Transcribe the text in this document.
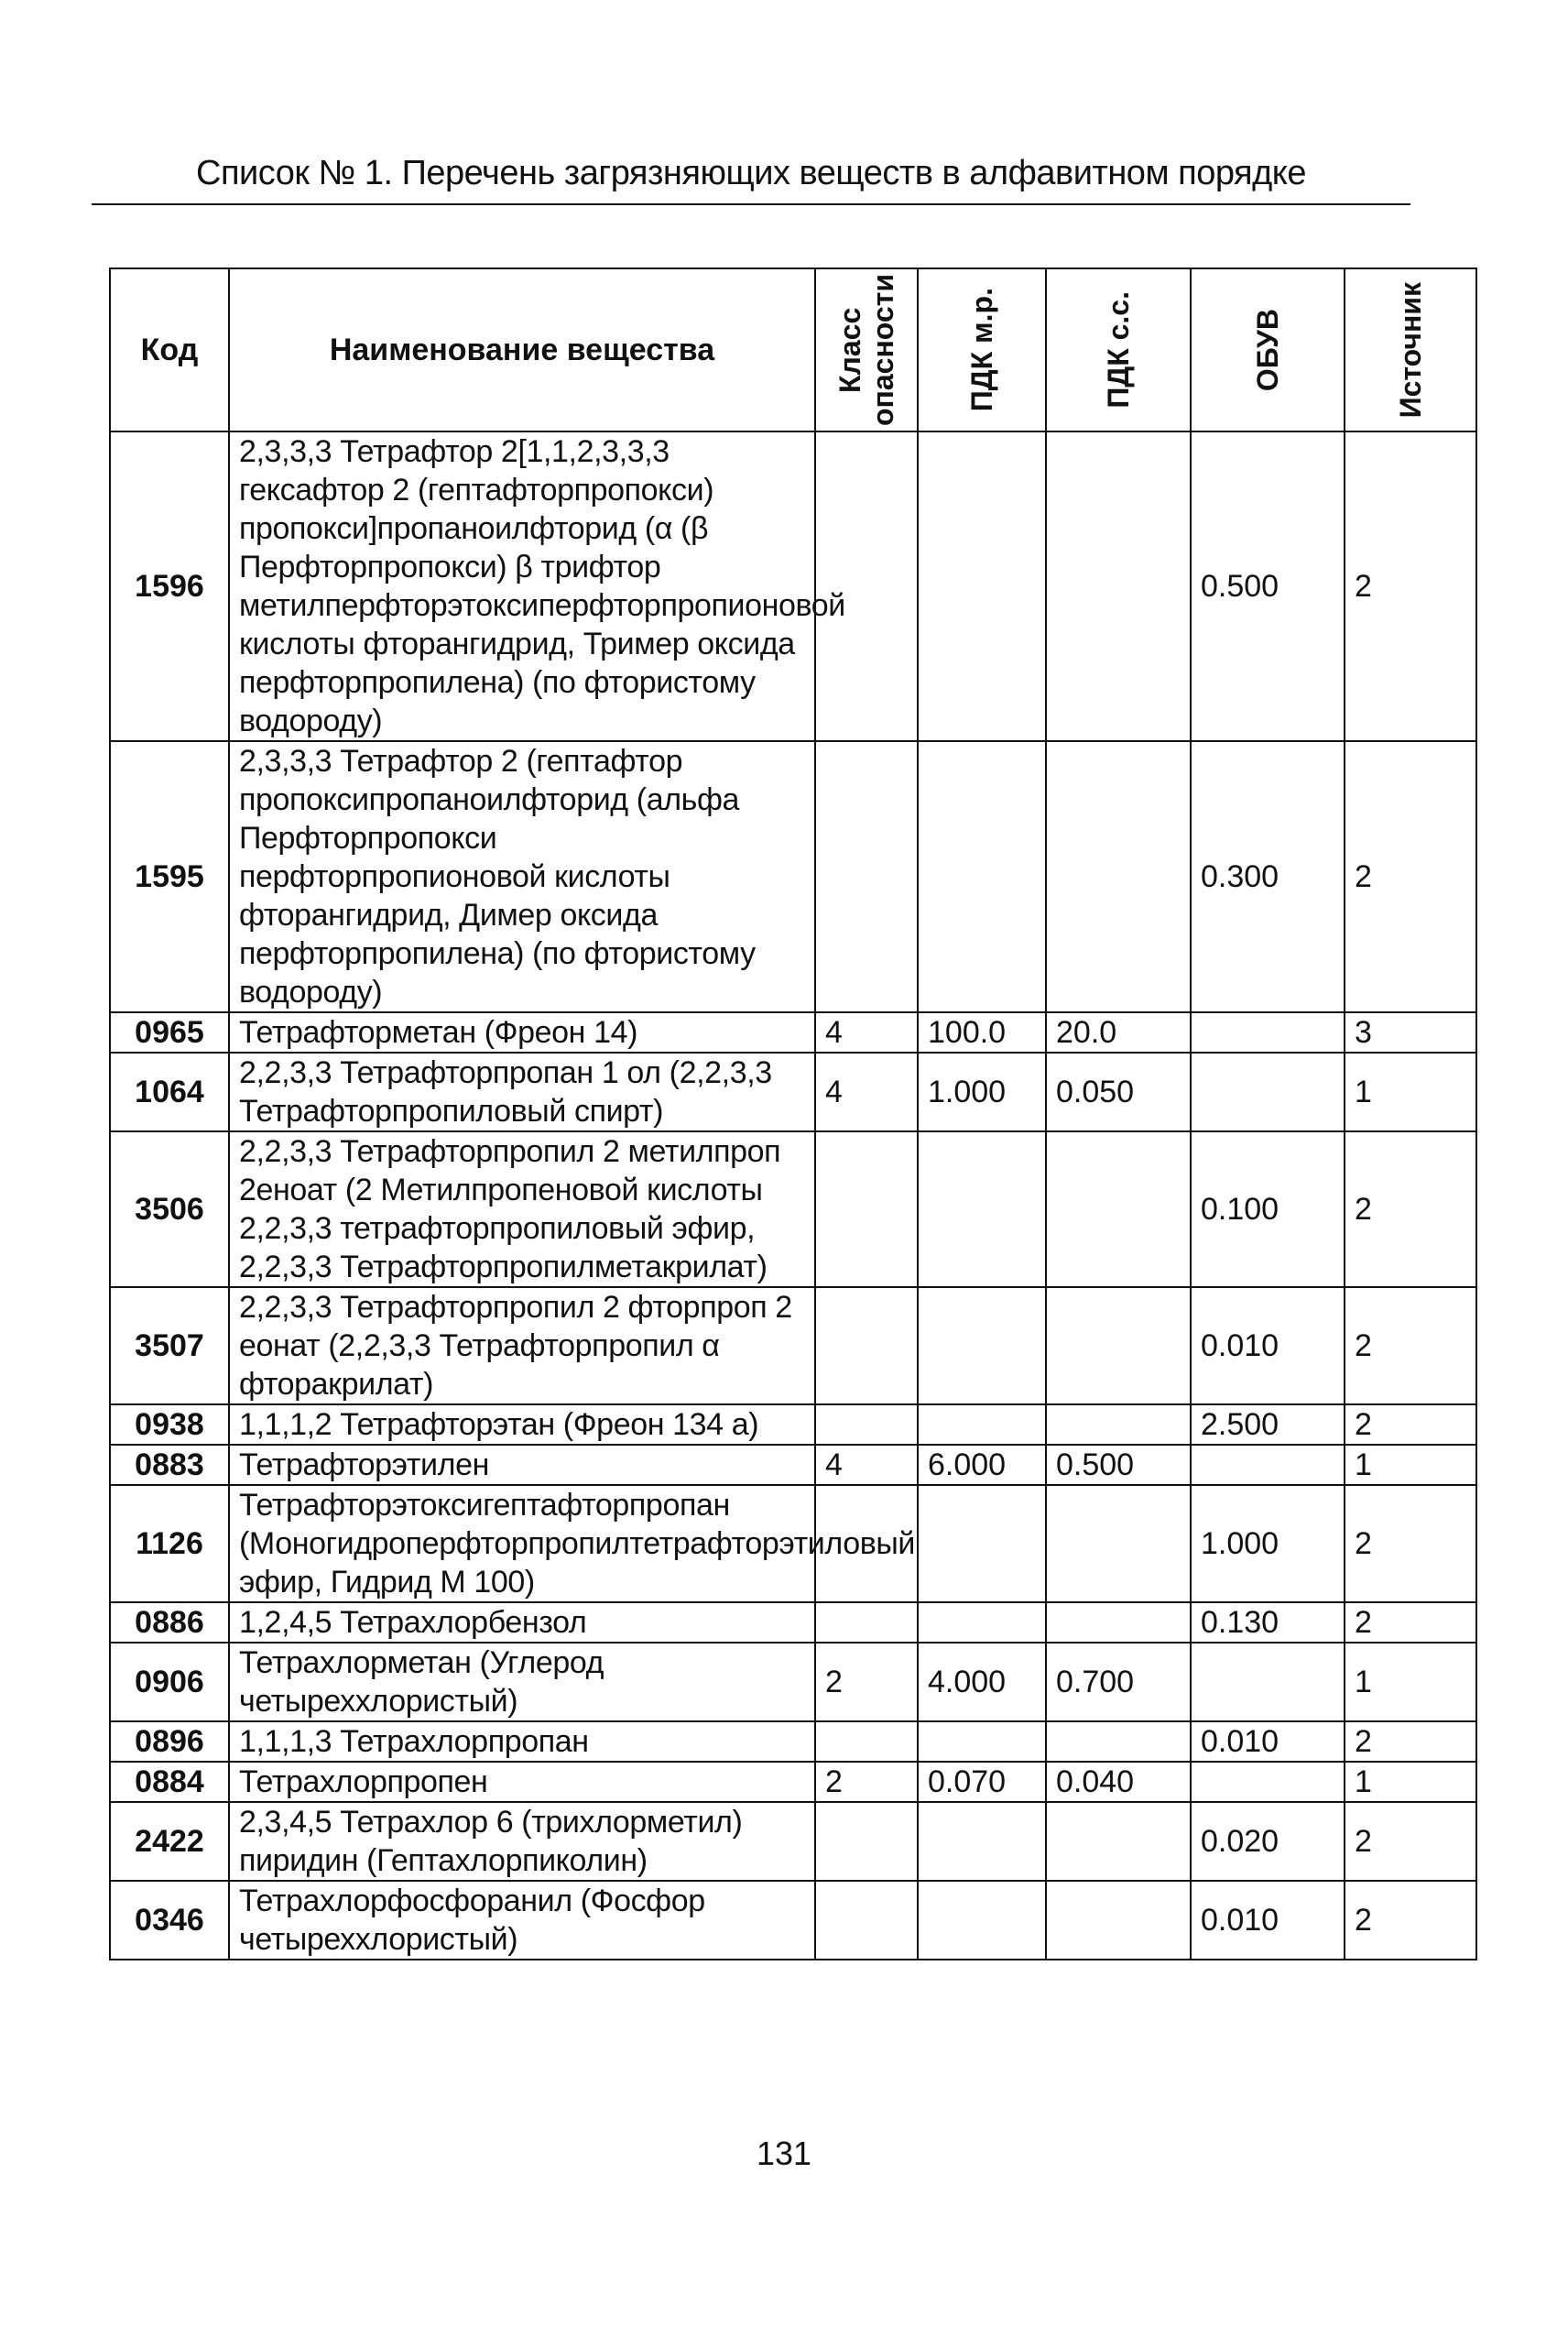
Список № 1. Перечень загрязняющих веществ в алфавитном порядке
Код	Наименование вещества	Класс опасности	ПДК м.р.	ПДК с.с.	ОБУВ	Источник

1596	2,3,3,3 Тетрафтор 2[1,1,2,3,3,3 гексафтор 2 (гептафторпропокси) пропокси]пропаноилфторид (α (β Перфторпропокси) β трифтор метилперфторэтоксиперфторпропионовой кислоты фторангидрид, Тример оксида перфторпропилена) (по фтористому водороду)				0.500	2
1595	2,3,3,3 Тетрафтор 2 (гептафтор пропоксипропаноилфторид (альфа Перфторпропокси перфторпропионовой кислоты фторангидрид, Димер оксида перфторпропилена) (по фтористому водороду)				0.300	2
0965	Тетрафторметан (Фреон 14)	4	100.0	20.0		3
1064	2,2,3,3 Тетрафторпропан 1 ол (2,2,3,3 Тетрафторпропиловый спирт)	4	1.000	0.050		1
3506	2,2,3,3 Тетрафторпропил 2 метилпроп 2еноат (2 Метилпропеновой кислоты 2,2,3,3 тетрафторпропиловый эфир, 2,2,3,3 Тетрафторпропилметакрилат)				0.100	2
3507	2,2,3,3 Тетрафторпропил 2 фторпроп 2 еонат (2,2,3,3 Тетрафторпропил α фторакрилат)				0.010	2
0938	1,1,1,2 Тетрафторэтан (Фреон 134 а)				2.500	2
0883	Тетрафторэтилен	4	6.000	0.500		1
1126	Тетрафторэтоксигептафторпропан (Моногидроперфторпропилтетрафторэтиловый эфир, Гидрид М 100)				1.000	2
0886	1,2,4,5 Тетрахлорбензол				0.130	2
0906	Тетрахлорметан (Углерод четыреххлористый)	2	4.000	0.700		1
0896	1,1,1,3 Тетрахлорпропан				0.010	2
0884	Тетрахлорпропен	2	0.070	0.040		1
2422	2,3,4,5 Тетрахлор 6 (трихлорметил) пиридин (Гептахлорпиколин)				0.020	2
0346	Тетрахлорфосфоранил (Фосфор четыреххлористый)				0.010	2
131
